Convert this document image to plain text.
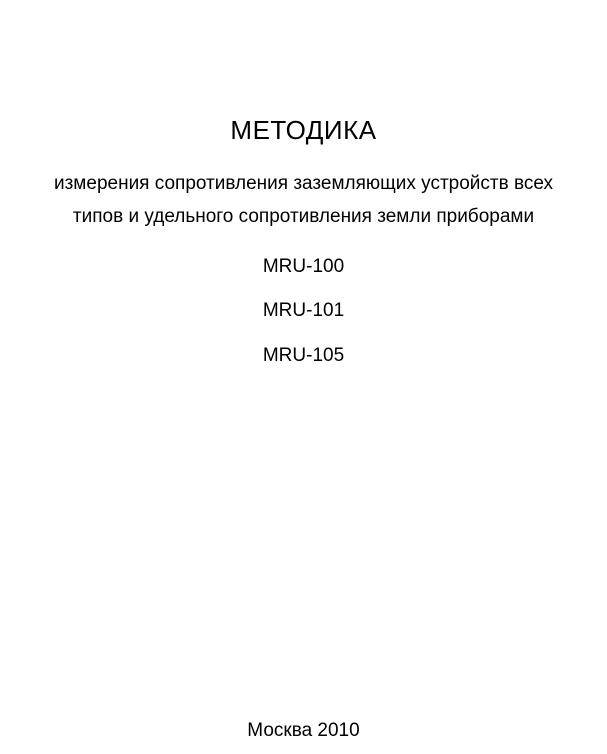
МЕТОДИКА
измерения сопротивления заземляющих устройств всех
типов и удельного сопротивления земли приборами
MRU-100
MRU-101
MRU-105
Москва 2010
